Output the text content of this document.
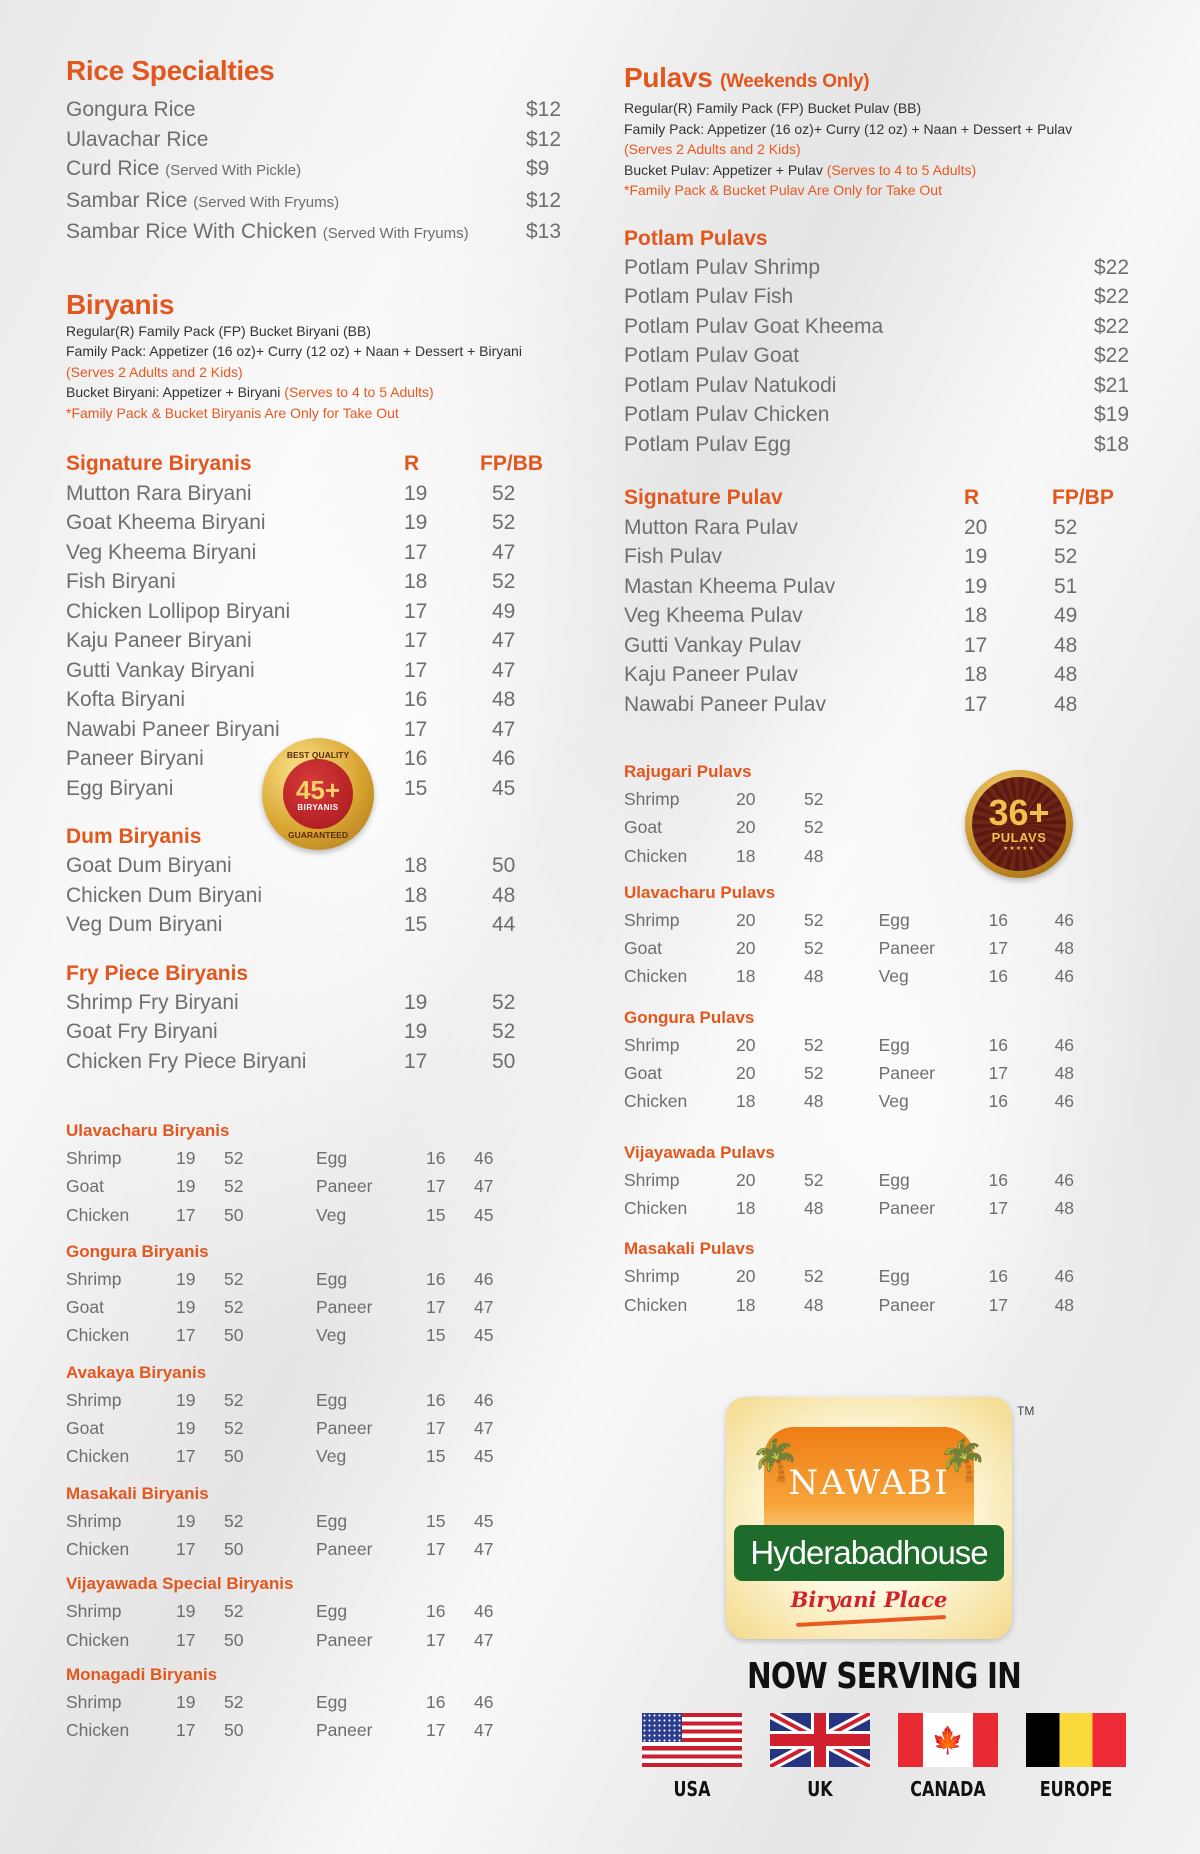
Rice Specialties
Gongura Rice	$12
Ulavachar Rice	$12
Curd Rice (Served With Pickle)	$9
Sambar Rice (Served With Fryums)	$12
Sambar Rice With Chicken (Served With Fryums)	$13
Biryanis
Regular(R) Family Pack (FP) Bucket Biryani (BB)
Family Pack: Appetizer (16 oz)+ Curry (12 oz) + Naan + Dessert + Biryani
(Serves 2 Adults and 2 Kids)
Bucket Biryani: Appetizer + Biryani (Serves to 4 to 5 Adults)
*Family Pack & Bucket Biryanis Are Only for Take Out
Signature Biryanis	R	FP/BB
Mutton Rara Biryani	19	52
Goat Kheema Biryani	19	52
Veg Kheema Biryani	17	47
Fish Biryani	18	52
Chicken Lollipop Biryani	17	49
Kaju Paneer Biryani	17	47
Gutti Vankay Biryani	17	47
Kofta Biryani	16	48
Nawabi Paneer Biryani	17	47
Paneer Biryani	16	46
Egg Biryani	15	45
Dum Biryanis
Goat Dum Biryani	18	50
Chicken Dum Biryani	18	48
Veg Dum Biryani	15	44
Fry Piece Biryanis
Shrimp Fry Biryani	19	52
Goat Fry Biryani	19	52
Chicken Fry Piece Biryani	17	50
Ulavacharu Biryanis
Shrimp	19	52
Goat	19	52
Chicken	17	50
Egg	16	46
Paneer	17	47
Veg	15	45
Gongura Biryanis
Shrimp	19	52
Goat	19	52
Chicken	17	50
Egg	16	46
Paneer	17	47
Veg	15	45
Avakaya Biryanis
Shrimp	19	52
Goat	19	52
Chicken	17	50
Egg	16	46
Paneer	17	47
Veg	15	45
Masakali Biryanis
Shrimp	19	52
Chicken	17	50
Egg	15	45
Paneer	17	47
Vijayawada Special Biryanis
Shrimp	19	52
Chicken	17	50
Egg	16	46
Paneer	17	47
Monagadi Biryanis
Shrimp	19	52
Chicken	17	50
Egg	16	46
Paneer	17	47
Pulavs (Weekends Only)
Regular(R) Family Pack (FP) Bucket Pulav (BB)
Family Pack: Appetizer (16 oz)+ Curry (12 oz) + Naan + Dessert + Pulav
(Serves 2 Adults and 2 Kids)
Bucket Pulav: Appetizer + Pulav (Serves to 4 to 5 Adults)
*Family Pack & Bucket Pulav Are Only for Take Out
Potlam Pulavs
Potlam Pulav Shrimp	$22
Potlam Pulav Fish	$22
Potlam Pulav Goat Kheema	$22
Potlam Pulav Goat	$22
Potlam Pulav Natukodi	$21
Potlam Pulav Chicken	$19
Potlam Pulav Egg	$18
Signature Pulav	R	FP/BP
Mutton Rara Pulav	20	52
Fish Pulav	19	52
Mastan Kheema Pulav	19	51
Veg Kheema Pulav	18	49
Gutti Vankay Pulav	17	48
Kaju Paneer Pulav	18	48
Nawabi Paneer Pulav	17	48
Rajugari Pulavs
Shrimp	20	52
Goat	20	52
Chicken	18	48
Ulavacharu Pulavs
Shrimp	20	52
Goat	20	52
Chicken	18	48
Egg	16	46
Paneer	17	48
Veg	16	46
Gongura Pulavs
Shrimp	20	52
Goat	20	52
Chicken	18	48
Egg	16	46
Paneer	17	48
Veg	16	46
Vijayawada Pulavs
Shrimp	20	52
Chicken	18	48
Egg	16	46
Paneer	17	48
Masakali Pulavs
Shrimp	20	52
Chicken	18	48
Egg	16	46
Paneer	17	48
BEST QUALITY
45+
BIRYANIS
GUARANTEED
36+
PULAVS
★★★★★
🌴	🌴
NAWABI
Hyderabadhouse
Biryani Place
TM
NOW SERVING IN
USA	UK
🍁
CANADA	EUROPE
